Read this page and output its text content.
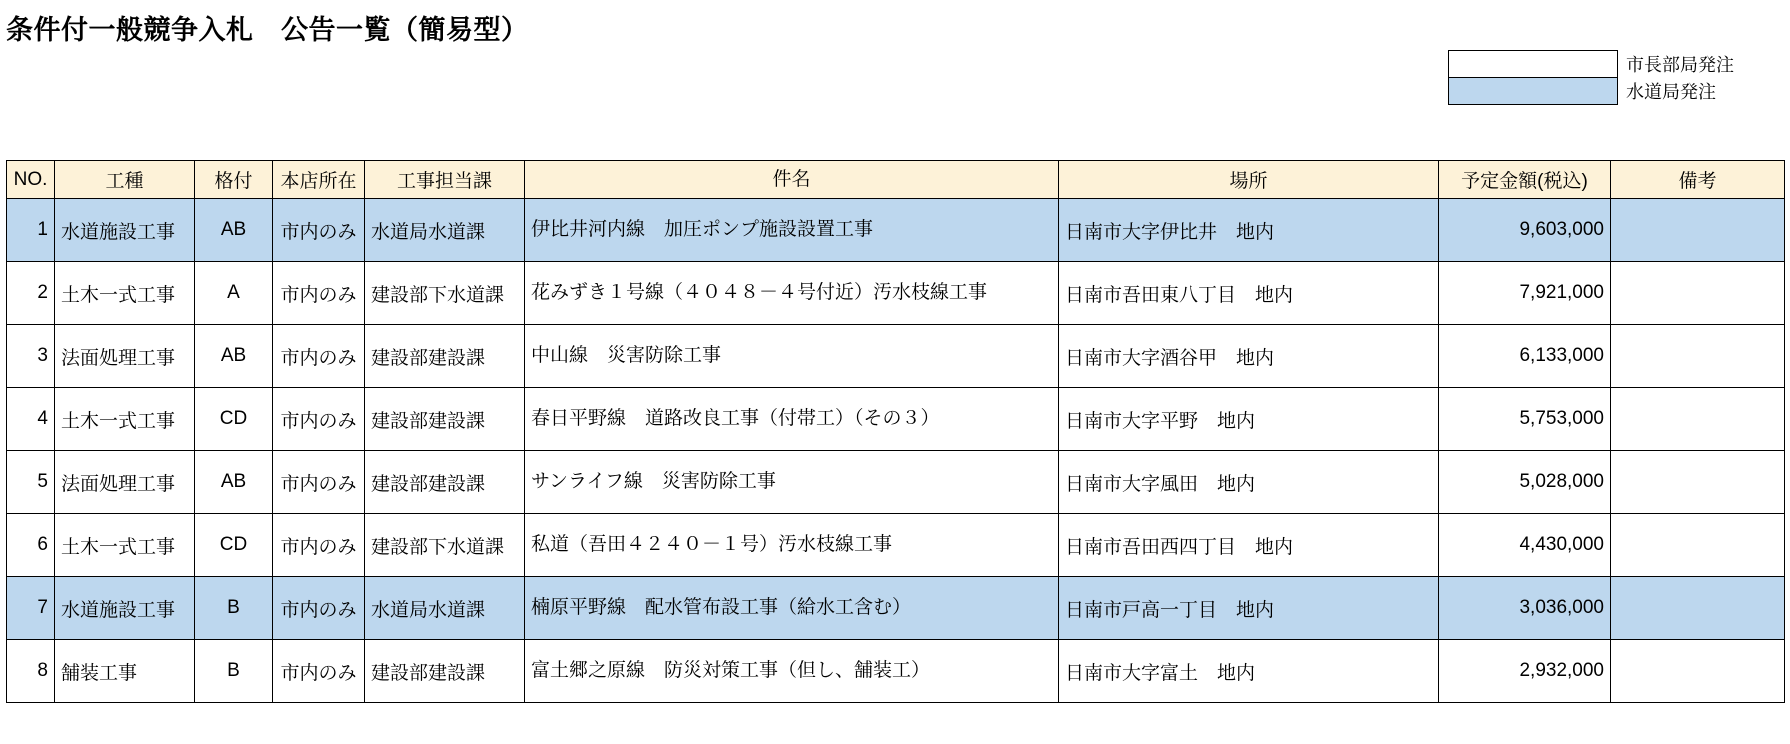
条件付一般競争入札　公告一覧（簡易型）
	市長部局発注
	水道局発注
NO.	工種	格付	本店所在	工事担当課	件名	場所	予定金額(税込)	備考
1	水道施設工事	AB	市内のみ	水道局水道課	伊比井河内線　加圧ポンプ施設設置工事	日南市大字伊比井　地内	9,603,000	
2	土木一式工事	A	市内のみ	建設部下水道課	花みずき１号線（４０４８－４号付近）汚水枝線工事	日南市吾田東八丁目　地内	7,921,000	
3	法面処理工事	AB	市内のみ	建設部建設課	中山線　災害防除工事	日南市大字酒谷甲　地内	6,133,000	
4	土木一式工事	CD	市内のみ	建設部建設課	春日平野線　道路改良工事（付帯工）（その３）	日南市大字平野　地内	5,753,000	
5	法面処理工事	AB	市内のみ	建設部建設課	サンライフ線　災害防除工事	日南市大字風田　地内	5,028,000	
6	土木一式工事	CD	市内のみ	建設部下水道課	私道（吾田４２４０－１号）汚水枝線工事	日南市吾田西四丁目　地内	4,430,000	
7	水道施設工事	B	市内のみ	水道局水道課	楠原平野線　配水管布設工事（給水工含む）	日南市戸高一丁目　地内	3,036,000	
8	舗装工事	B	市内のみ	建設部建設課	富土郷之原線　防災対策工事（但し、舗装工）	日南市大字富土　地内	2,932,000	
